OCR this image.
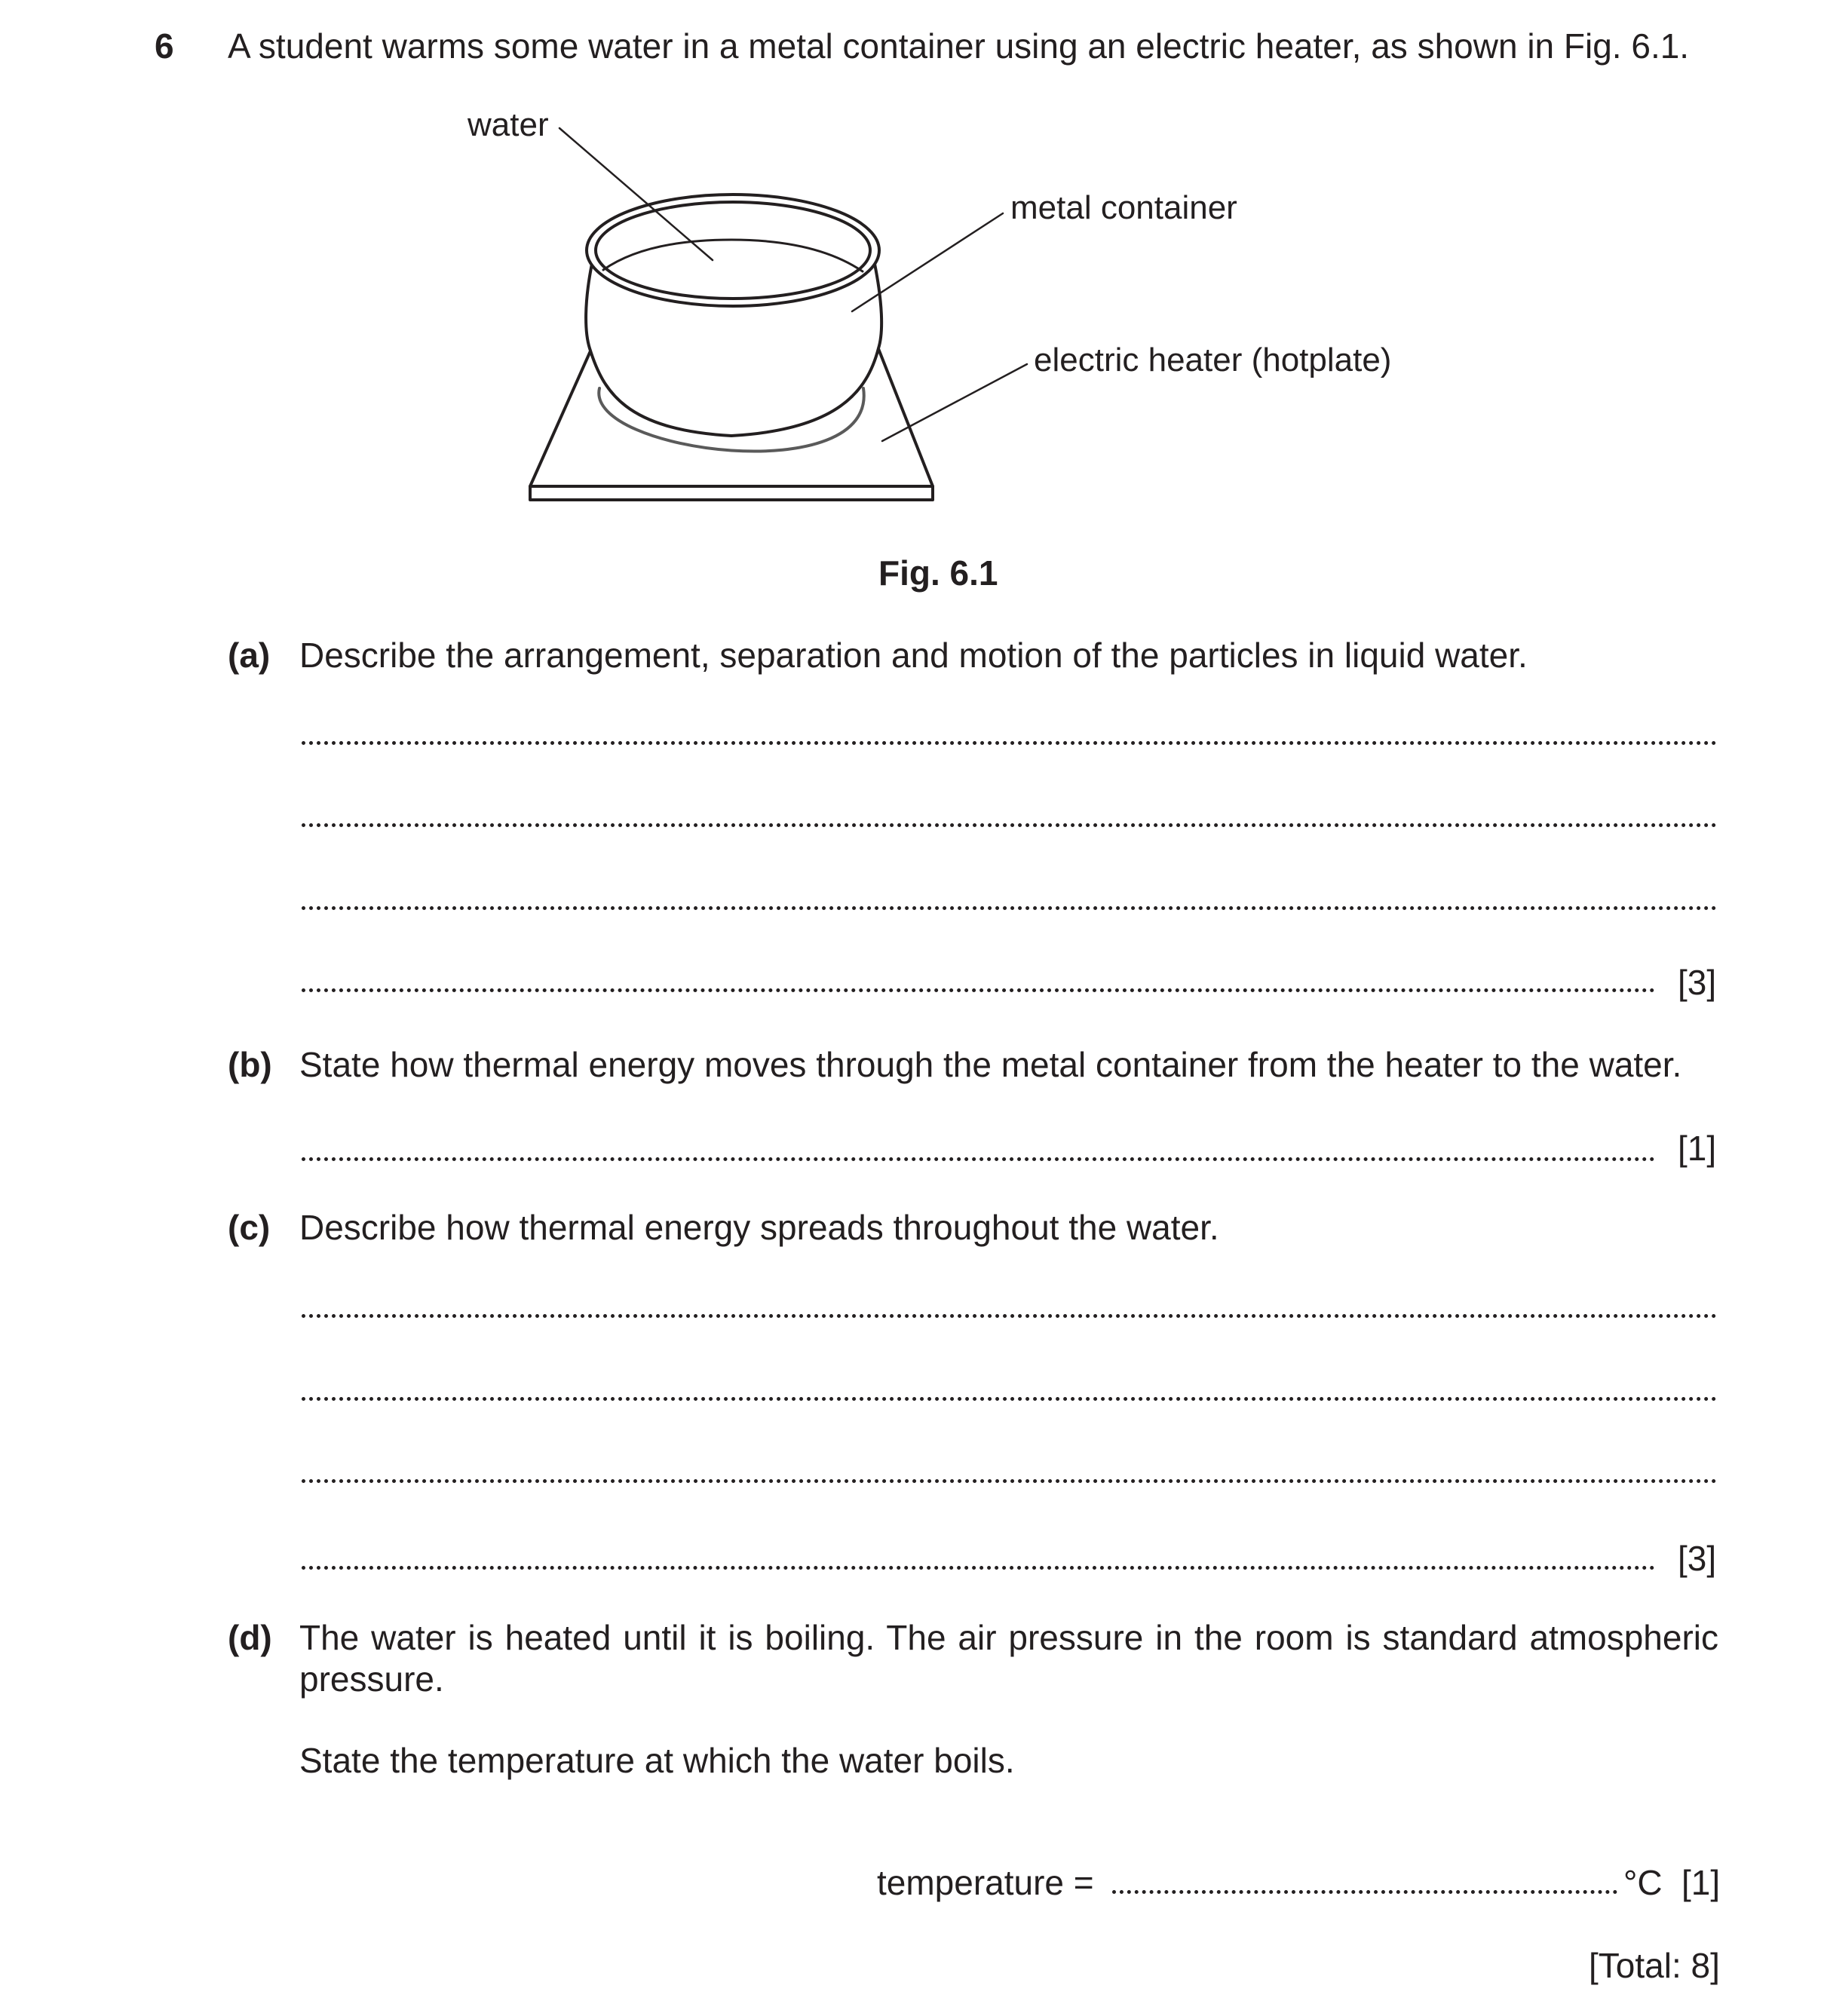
6 A student warms some water in a metal container using an electric heater, as shown in Fig. 6.1.
water
metal container
electric heater (hotplate)
Fig. 6.1
(a) Describe the arrangement, separation and motion of the particles in liquid water.
[3]
(b) State how thermal energy moves through the metal container from the heater to the water.
[1]
(c) Describe how thermal energy spreads throughout the water.
[3]
(d) The water is heated until it is boiling. The air pressure in the room is standard atmospheric
pressure.
State the temperature at which the water boils.
temperature =	°C [1]
[Total: 8]
